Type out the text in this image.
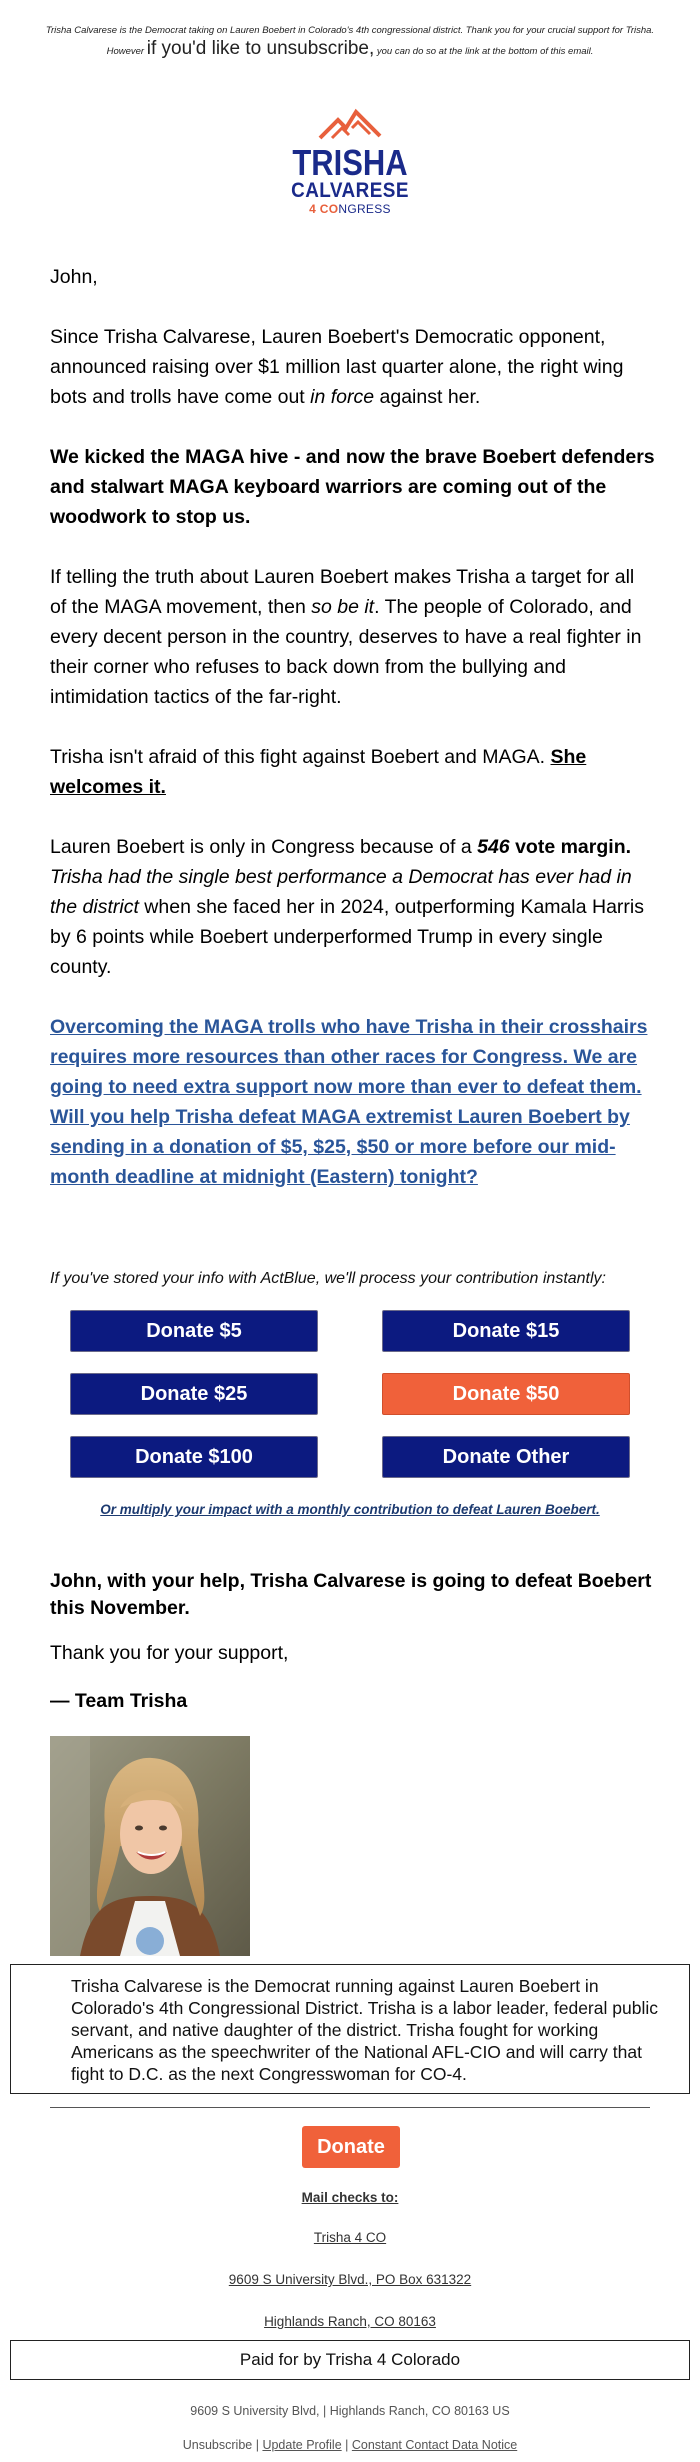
Trisha Calvarese is the Democrat taking on Lauren Boebert in Colorado's 4th congressional district. Thank you for your crucial support for Trisha. However if you'd like to unsubscribe, you can do so at the link at the bottom of this email.
TRISHA
CALVARESE
4 CONGRESS
John,
Since Trisha Calvarese, Lauren Boebert's Democratic opponent, announced raising over $1 million last quarter alone, the right wing bots and trolls have come out in force against her.
We kicked the MAGA hive - and now the brave Boebert defenders and stalwart MAGA keyboard warriors are coming out of the woodwork to stop us.
If telling the truth about Lauren Boebert makes Trisha a target for all of the MAGA movement, then so be it. The people of Colorado, and every decent person in the country, deserves to have a real fighter in their corner who refuses to back down from the bullying and intimidation tactics of the far-right.
Trisha isn't afraid of this fight against Boebert and MAGA. She welcomes it.
Lauren Boebert is only in Congress because of a 546 vote margin.
Trisha had the single best performance a Democrat has ever had in the district when she faced her in 2024, outperforming Kamala Harris by 6 points while Boebert underperformed Trump in every single county.
Overcoming the MAGA trolls who have Trisha in their crosshairs requires more resources than other races for Congress. We are going to need extra support now more than ever to defeat them. Will you help Trisha defeat MAGA extremist Lauren Boebert by sending in a donation of $5, $25, $50 or more before our mid-month deadline at midnight (Eastern) tonight?
If you've stored your info with ActBlue, we'll process your contribution instantly:
Donate $5	Donate $15
Donate $25	Donate $50
Donate $100	Donate Other
Or multiply your impact with a monthly contribution to defeat Lauren Boebert.
John, with your help, Trisha Calvarese is going to defeat Boebert this November.
Thank you for your support,
— Team Trisha
Trisha Calvarese is the Democrat running against Lauren Boebert in Colorado's 4th Congressional District. Trisha is a labor leader, federal public servant, and native daughter of the district. Trisha fought for working Americans as the speechwriter of the National AFL-CIO and will carry that fight to D.C. as the next Congresswoman for CO-4.
Donate
Mail checks to:
Trisha 4 CO
9609 S University Blvd., PO Box 631322
Highlands Ranch, CO 80163
Paid for by Trisha 4 Colorado
9609 S University Blvd, | Highlands Ranch, CO 80163 US
Unsubscribe | Update Profile | Constant Contact Data Notice
